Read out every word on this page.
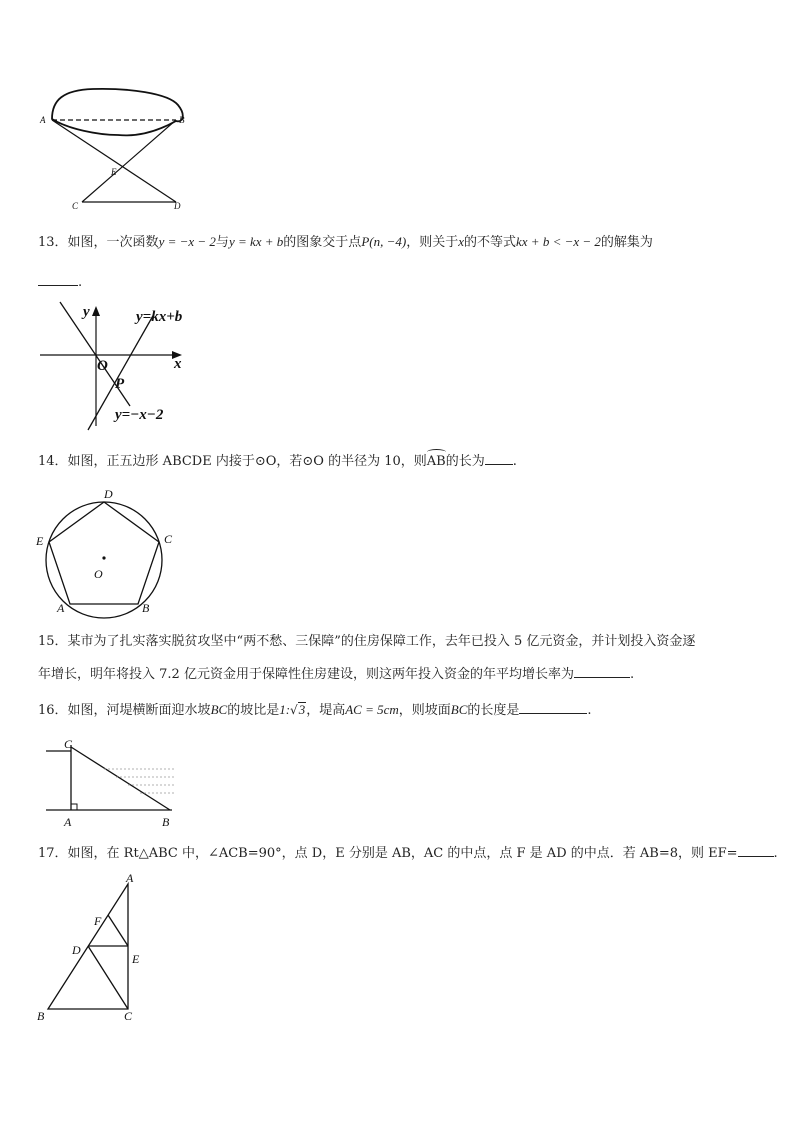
A	B
E
C	D
13．如图，一次函数y = −x − 2与y = kx + b的图象交于点P(n, −4)，则关于x的不等式kx + b < −x − 2的解集为
.
y
x
O
P
y=kx+b
y=−x−2
14．如图，正五边形 ABCDE 内接于⊙O，若⊙O 的半径为 10，则
AB的长为 .
D
C
E
A	B
O
15．某市为了扎实落实脱贫攻坚中“两不愁、三保障”的住房保障工作，去年已投入 5 亿元资金，并计划投入资金逐
年增长，明年将投入 7.2 亿元资金用于保障性住房建设，则这两年投入资金的年平均增长率为	.
16．如图，河堤横断面迎水坡BC的坡比是1:√3，堤高AC = 5cm，则坡面BC的长度是	.
C
A	B
17．如图，在 Rt△ABC 中，∠ACB=90°，点 D，E 分别是 AB，AC 的中点，点 F 是 AD 的中点．若 AB=8，则 EF=	.
A
F
D
E
B	C
